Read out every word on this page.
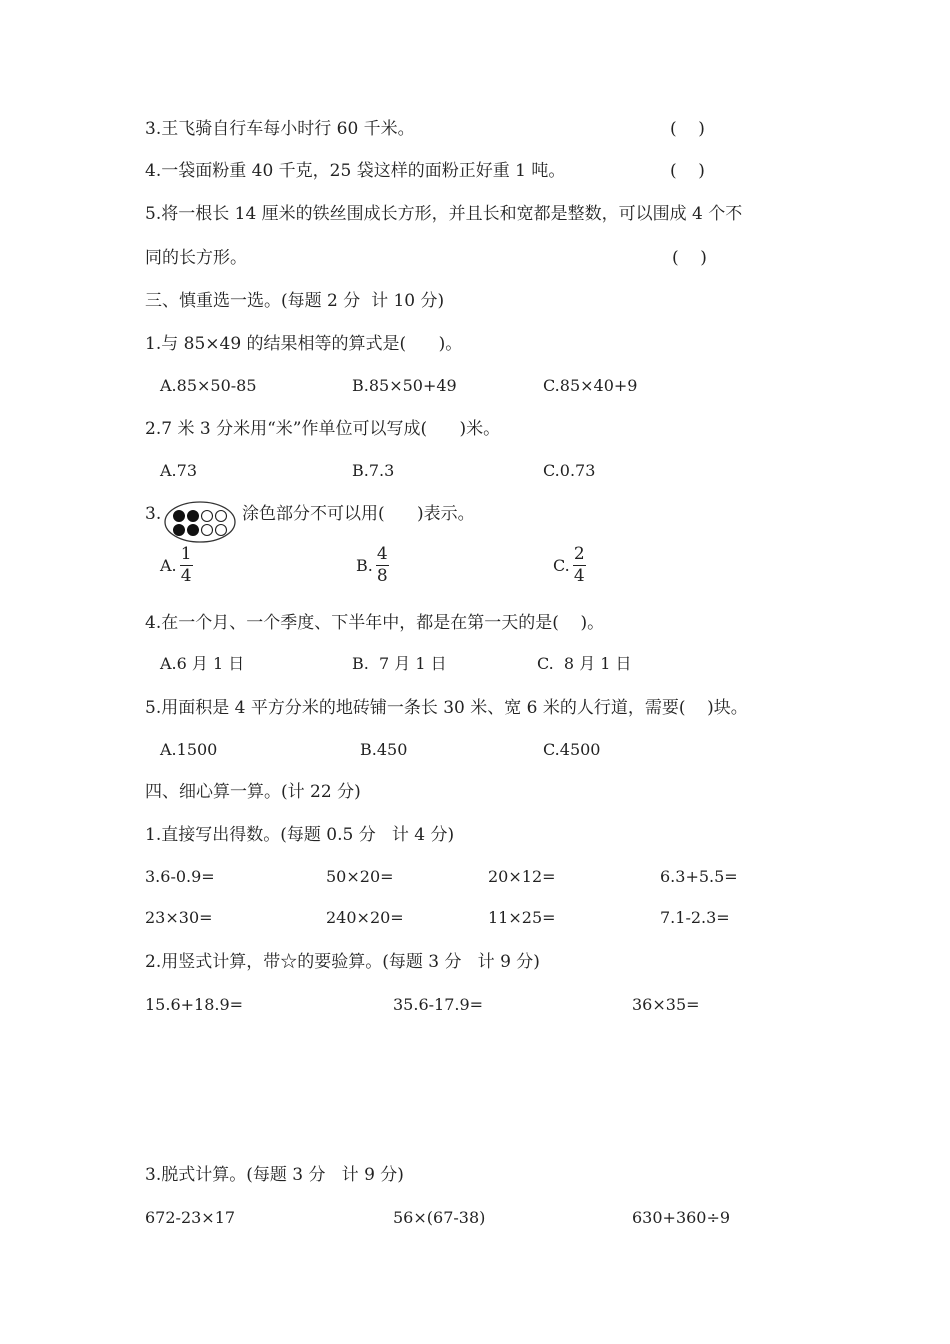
3.王飞骑自行车每小时行 60 千米。	(    )
4.一袋面粉重 40 千克，25 袋这样的面粉正好重 1 吨。	(    )
5.将一根长 14 厘米的铁丝围成长方形，并且长和宽都是整数，可以围成 4 个不
同的长方形。	(    )
三、慎重选一选。(每题 2 分  计 10 分)
1.与 85×49 的结果相等的算式是(      )。
A.85×50-85	B.85×50+49	C.85×40+9
2.7 米 3 分米用“米”作单位可以写成(      )米。
A.73	B.7.3	C.0.73
3.	涂色部分不可以用(      )表示。
A. $\frac{1}{4}$	B. $\frac{4}{8}$	C. $\frac{2}{4}$
4.在一个月、一个季度、下半年中，都是在第一天的是(    )。
A.6 月 1 日	B.  7 月 1 日	C.  8 月 1 日
5.用面积是 4 平方分米的地砖铺一条长 30 米、宽 6 米的人行道，需要(    )块。
A.1500	B.450	C.4500
四、细心算一算。(计 22 分)
1.直接写出得数。(每题 0.5 分   计 4 分)
3.6-0.9=	50×20=	20×12=	6.3+5.5=
23×30=	240×20=	11×25=	7.1-2.3=
2.用竖式计算，带☆的要验算。(每题 3 分   计 9 分)
15.6+18.9=	35.6-17.9=	36×35=
3.脱式计算。(每题 3 分   计 9 分)
672-23×17	56×(67-38)	630+360÷9
